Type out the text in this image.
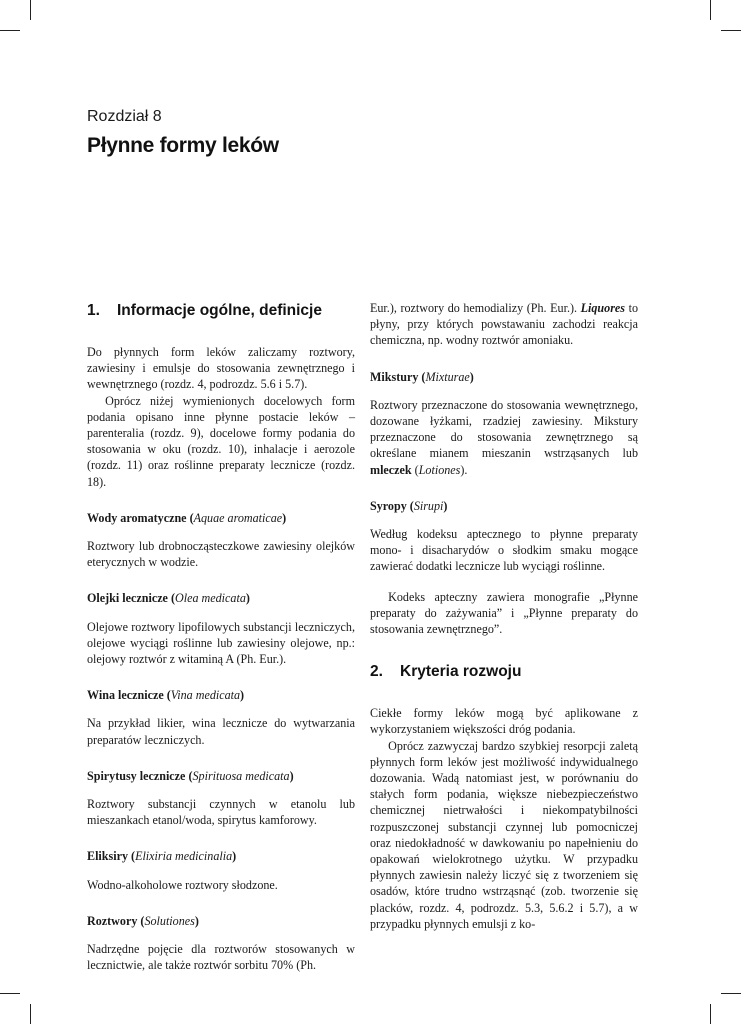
Rozdział 8
Płynne formy leków
1.	Informacje ogólne, definicje

Do płynnych form leków zaliczamy roztwory, zawiesiny i emulsje do stosowania zewnętrznego i wewnętrznego (rozdz. 4, podrozdz. 5.6 i 5.7).

Oprócz niżej wymienionych docelowych form podania opisano inne płynne postacie leków – parenteralia (rozdz. 9), docelowe formy podania do stosowania w oku (rozdz. 10), inhalacje i aerozole (rozdz. 11) oraz roślinne preparaty lecznicze (rozdz. 18).

Wody aromatyczne (Aquae aromaticae)

Roztwory lub drobnocząsteczkowe zawiesiny olejków eterycznych w wodzie.

Olejki lecznicze (Olea medicata)

Olejowe roztwory lipofilowych substancji leczniczych, olejowe wyciągi roślinne lub zawiesiny olejowe, np.: olejowy roztwór z witaminą A (Ph. Eur.).

Wina lecznicze (Vina medicata)

Na przykład likier, wina lecznicze do wytwarzania preparatów leczniczych.

Spirytusy lecznicze (Spirituosa medicata)

Roztwory substancji czynnych w etanolu lub mieszankach etanol/woda, spirytus kamforowy.

Eliksiry (Elixiria medicinalia)

Wodno-alkoholowe roztwory słodzone.

Roztwory (Solutiones)

Nadrzędne pojęcie dla roztworów stosowanych w lecznictwie, ale także roztwór sorbitu 70% (Ph.

Eur.), roztwory do hemodializy (Ph. Eur.). Liquores to płyny, przy których powstawaniu zachodzi reakcja chemiczna, np. wodny roztwór amoniaku.

Mikstury (Mixturae)

Roztwory przeznaczone do stosowania wewnętrznego, dozowane łyżkami, rzadziej zawiesiny. Mikstury przeznaczone do stosowania zewnętrznego są określane mianem mieszanin wstrząsanych lub mleczek (Lotiones).

Syropy (Sirupi)

Według kodeksu aptecznego to płynne preparaty mono- i disacharydów o słodkim smaku mogące zawierać dodatki lecznicze lub wyciągi roślinne.

Kodeks apteczny zawiera monografie „Płynne preparaty do zażywania” i „Płynne preparaty do stosowania zewnętrznego”.

2.	Kryteria rozwoju

Ciekłe formy leków mogą być aplikowane z wykorzystaniem większości dróg podania.

Oprócz zazwyczaj bardzo szybkiej resorpcji zaletą płynnych form leków jest możliwość indywidualnego dozowania. Wadą natomiast jest, w porównaniu do stałych form podania, większe niebezpieczeństwo chemicznej nietrwałości i niekompatybilności rozpuszczonej substancji czynnej lub pomocniczej oraz niedokładność w dawkowaniu po napełnieniu do opakowań wielokrotnego użytku. W przypadku płynnych zawiesin należy liczyć się z tworzeniem się osadów, które trudno wstrząsnąć (zob. tworzenie się placków, rozdz. 4, podrozdz. 5.3, 5.6.2 i 5.7), a w przypadku płynnych emulsji z ko-
